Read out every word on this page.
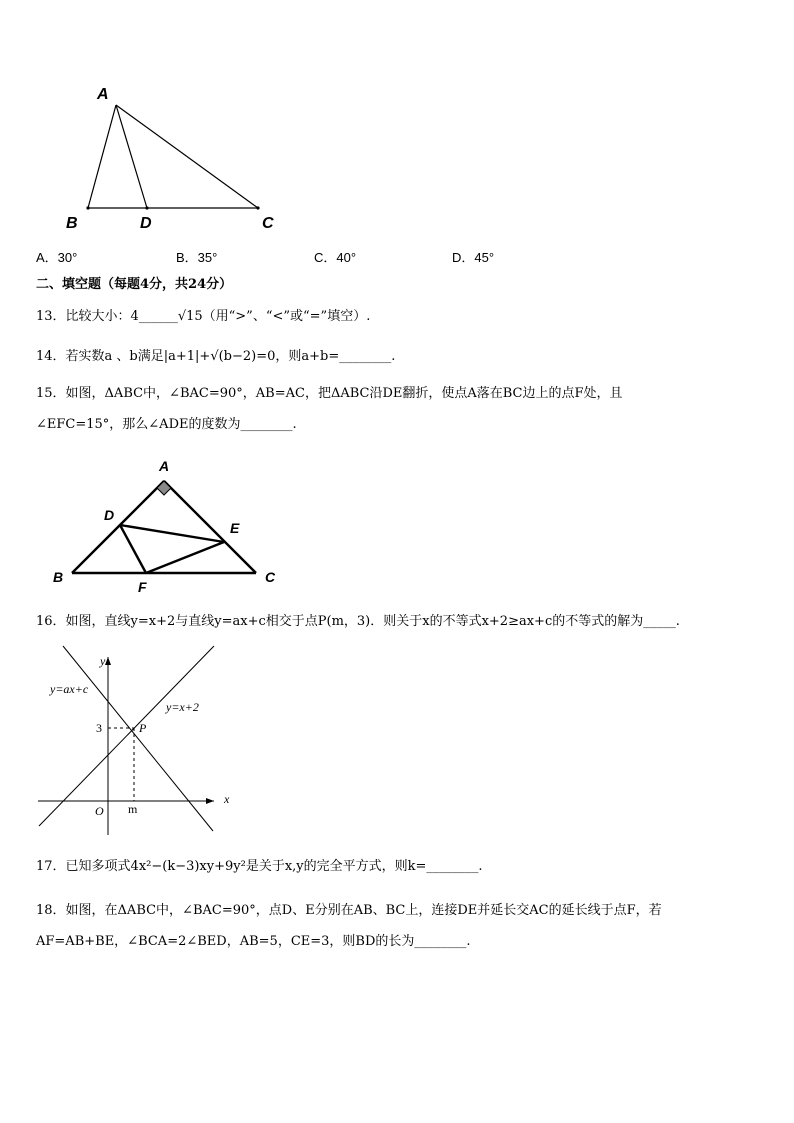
A
B	D	C
A．30°	B．35°	C．40°	D．45°
二、填空题（每题4分，共24分）
13．比较大小：4______√15（用“>”、“<”或“=”填空）.
14．若实数a 、b满足|a+1|+√(b−2)=0，则a+b=________.
15．如图，ΔABC中，∠BAC=90°，AB=AC，把ΔABC沿DE翻折，使点A落在BC边上的点F处，且
∠EFC=15°，那么∠ADE的度数为________.
A
D
E
B
F
C
16．如图，直线y=x+2与直线y=ax+c相交于点P(m，3)．则关于x的不等式x+2≥ax+c的不等式的解为_____.
y
x
O m
3	P
y=ax+c
y=x+2
17．已知多项式4x²−(k−3)xy+9y²是关于x,y的完全平方式，则k=________.
18．如图，在ΔABC中，∠BAC=90°，点D、E分别在AB、BC上，连接DE并延长交AC的延长线于点F，若
AF=AB+BE，∠BCA=2∠BED，AB=5，CE=3，则BD的长为________.
